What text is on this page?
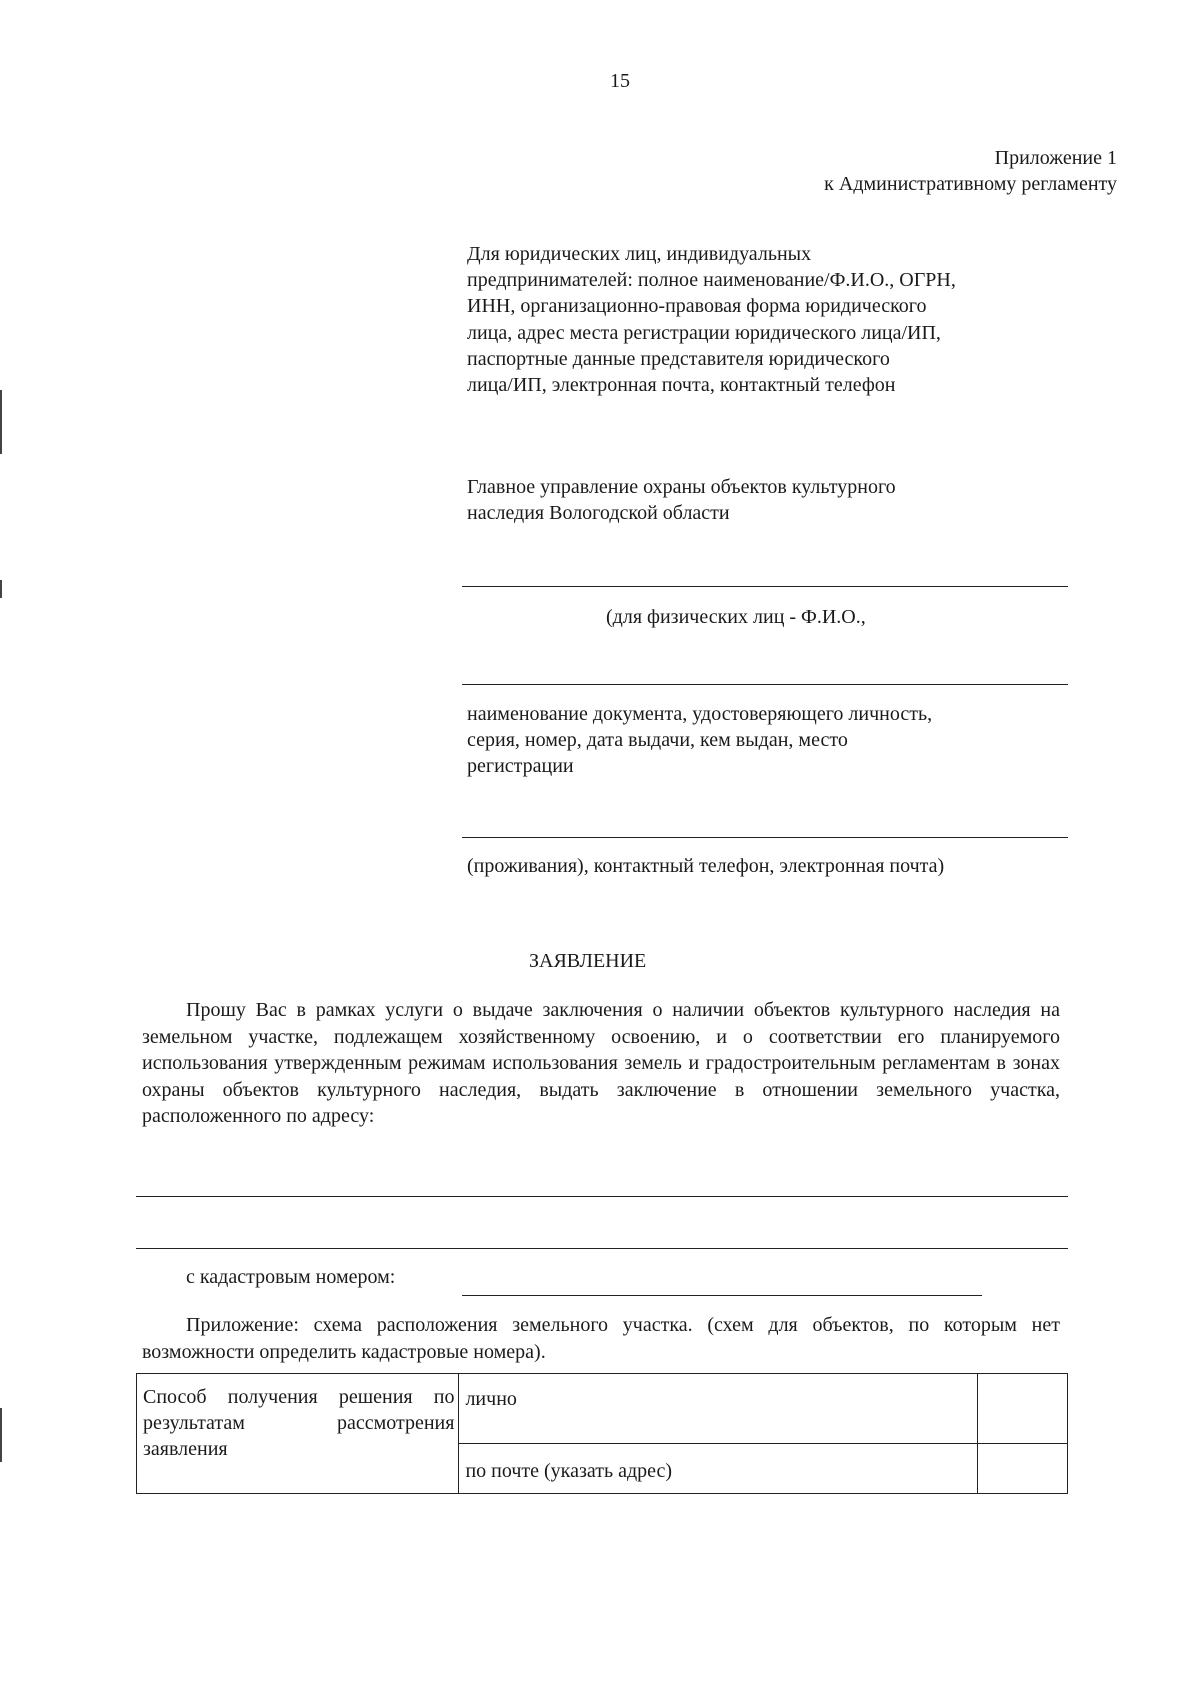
15
Приложение 1
к Административному регламенту
Для юридических лиц, индивидуальных
предпринимателей: полное наименование/Ф.И.О., ОГРН,
ИНН, организационно-правовая форма юридического
лица, адрес места регистрации юридического лица/ИП,
паспортные данные представителя юридического
лица/ИП, электронная почта, контактный телефон
Главное управление охраны объектов культурного
наследия Вологодской области
(для физических лиц - Ф.И.О.,
наименование документа, удостоверяющего личность,
серия, номер, дата выдачи, кем выдан, место
регистрации
(проживания), контактный телефон, электронная почта)
ЗАЯВЛЕНИЕ
Прошу Вас в рамках услуги о выдаче заключения о наличии объектов культурного наследия на земельном участке, подлежащем хозяйственному освоению, и о соответствии его планируемого использования утвержденным режимам использования земель и градостроительным регламентам в зонах охраны объектов культурного наследия, выдать заключение в отношении земельного участка, расположенного по адресу:
с кадастровым номером:
Приложение: схема расположения земельного участка. (схем для объектов, по которым нет возможности определить кадастровые номера).
Способ получения решения по результатам рассмотрения заявления	лично	
	по почте (указать адрес)	
